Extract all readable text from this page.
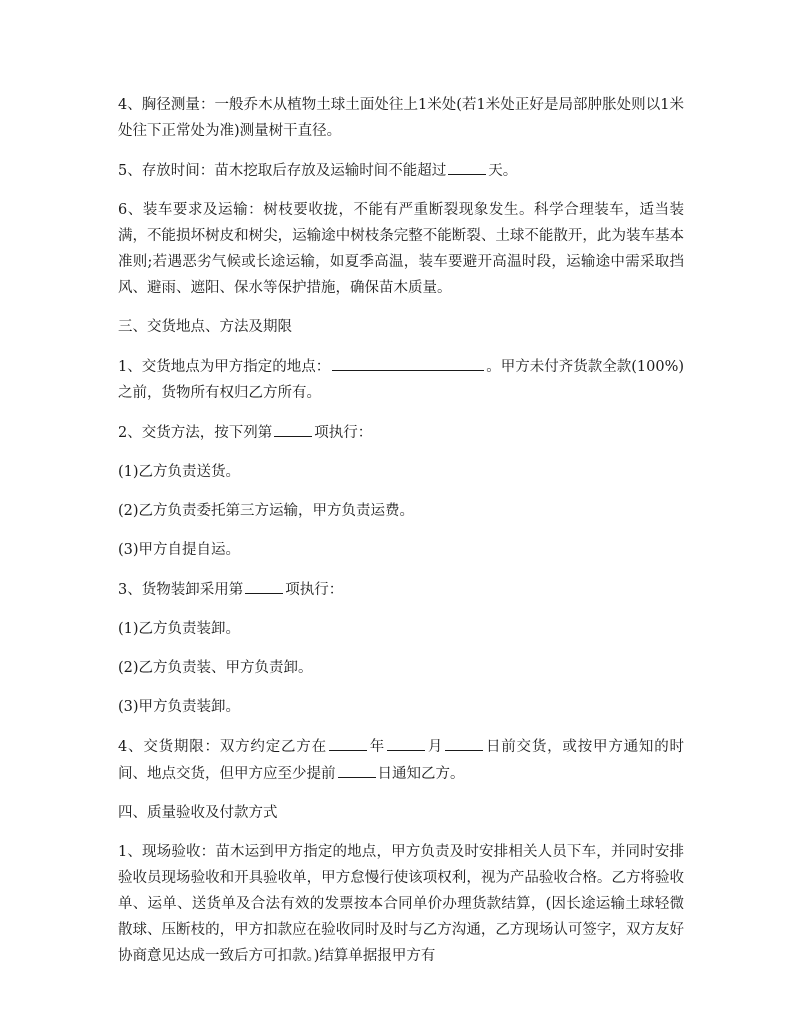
4、胸径测量：一般乔木从植物土球土面处往上1米处(若1米处正好是局部肿胀处则以1米处往下正常处为准)测量树干直径。

5、存放时间：苗木挖取后存放及运输时间不能超过	天。

6、装车要求及运输：树枝要收拢，不能有严重断裂现象发生。科学合理装车，适当装满，不能损坏树皮和树尖，运输途中树枝条完整不能断裂、土球不能散开，此为装车基本准则;若遇恶劣气候或长途运输，如夏季高温，装车要避开高温时段，运输途中需采取挡风、避雨、遮阳、保水等保护措施，确保苗木质量。

三、交货地点、方法及期限

1、交货地点为甲方指定的地点：	。甲方未付齐货款全款(100%)之前，货物所有权归乙方所有。

2、交货方法，按下列第	项执行：

(1)乙方负责送货。

(2)乙方负责委托第三方运输，甲方负责运费。

(3)甲方自提自运。

3、货物装卸采用第	项执行：

(1)乙方负责装卸。

(2)乙方负责装、甲方负责卸。

(3)甲方负责装卸。

4、交货期限：双方约定乙方在	年	月	日前交货，或按甲方通知的时间、地点交货，但甲方应至少提前	日通知乙方。

四、质量验收及付款方式

1、现场验收：苗木运到甲方指定的地点，甲方负责及时安排相关人员下车，并同时安排验收员现场验收和开具验收单，甲方怠慢行使该项权利，视为产品验收合格。乙方将验收单、运单、送货单及合法有效的发票按本合同单价办理货款结算，(因长途运输土球轻微散球、压断枝的，甲方扣款应在验收同时及时与乙方沟通，乙方现场认可签字，双方友好协商意见达成一致后方可扣款。)结算单据报甲方有
